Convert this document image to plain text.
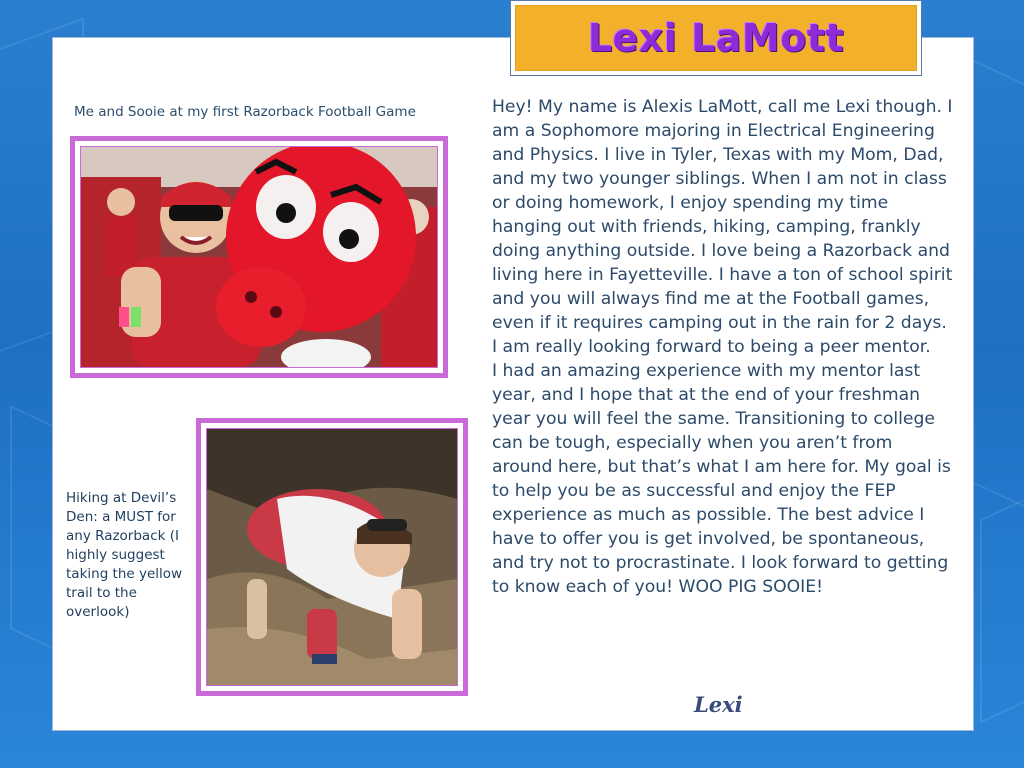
Lexi LaMott
Me and Sooie at my first Razorback Football Game
Hiking at Devil’s Den: a MUST for any Razorback (I highly suggest taking the yellow trail to the overlook)

Hey! My name is Alexis LaMott, call me Lexi though. I am a Sophomore majoring in Electrical Engineering and Physics. I live in Tyler, Texas with my Mom, Dad, and my two younger siblings. When I am not in class or doing homework, I enjoy spending my time hanging out with friends, hiking, camping, frankly doing anything outside. I love being a Razorback and living here in Fayetteville. I have a ton of school spirit and you will always find me at the Football games, even if it requires camping out in the rain for 2 days. I am really looking forward to being a peer mentor.

I had an amazing experience with my mentor last year, and I hope that at the end of your freshman year you will feel the same. Transitioning to college can be tough, especially when you aren’t from around here, but that’s what I am here for. My goal is to help you be as successful and enjoy the FEP experience as much as possible. The best advice I have to offer you is get involved, be spontaneous, and try not to procrastinate. I look forward to getting to know each of you! WOO PIG SOOIE!

Lexi
